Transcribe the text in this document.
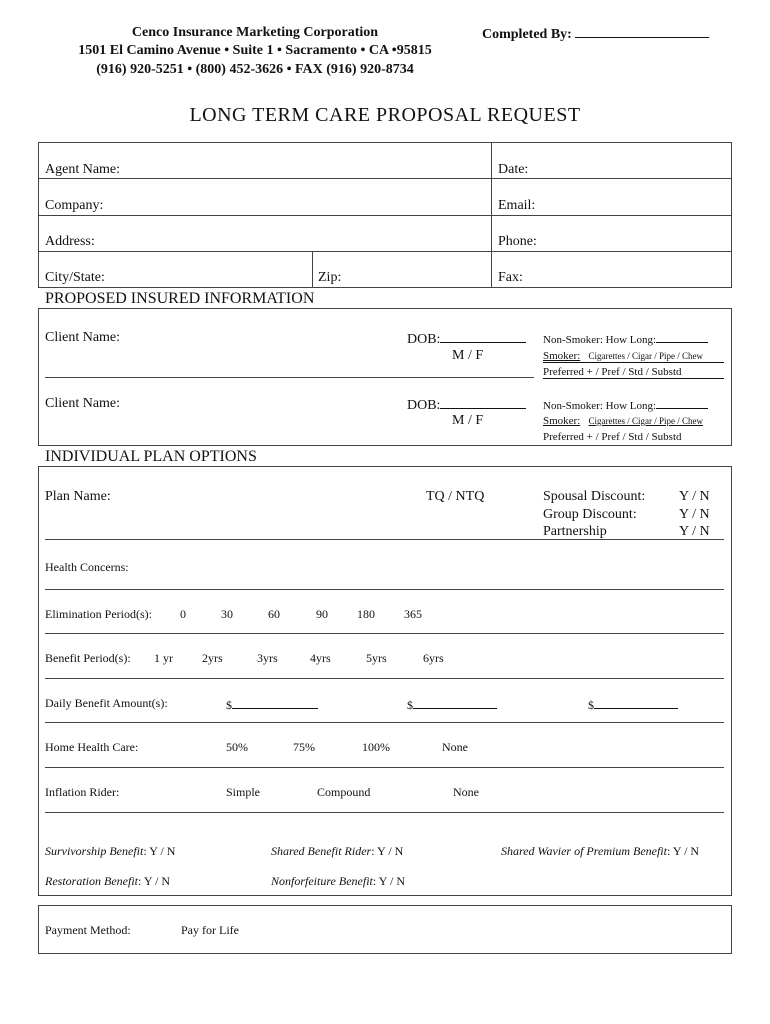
Cenco Insurance Marketing Corporation
1501 El Camino Avenue • Suite 1 • Sacramento • CA •95815
(916) 920-5251 • (800) 452-3626 • FAX (916) 920-8734
Completed By:
LONG TERM CARE PROPOSAL REQUEST
Agent Name:	Date:
Company:	Email:
Address:	Phone:
City/State:	Zip:	Fax:
PROPOSED INSURED INFORMATION
Client Name:	DOB:
M / F
Non-Smoker: How Long:
Smoker: Cigarettes / Cigar / Pipe / Chew
Preferred + / Pref / Std / Substd
Client Name:	DOB:
M / F
Non-Smoker: How Long:
Smoker: Cigarettes / Cigar / Pipe / Chew
Preferred + / Pref / Std / Substd
INDIVIDUAL PLAN OPTIONS
Plan Name:	TQ / NTQ	Spousal Discount: Y / N
Group Discount:	Y / N
Partnership	Y / N
Health Concerns:
Elimination Period(s): 0	30	60	90 180 365
Benefit Period(s): 1 yr 2yrs	3yrs	4yrs	5yrs	6yrs
Daily Benefit Amount(s):	$	$	$
Home Health Care:	50%	75%	100%	None
Inflation Rider:	Simple	Compound	None
Survivorship Benefit: Y / N	Shared Benefit Rider: Y / N	Shared Wavier of Premium Benefit: Y / N
Restoration Benefit: Y / N	Nonforfeiture Benefit: Y / N
Payment Method:	Pay for Life
